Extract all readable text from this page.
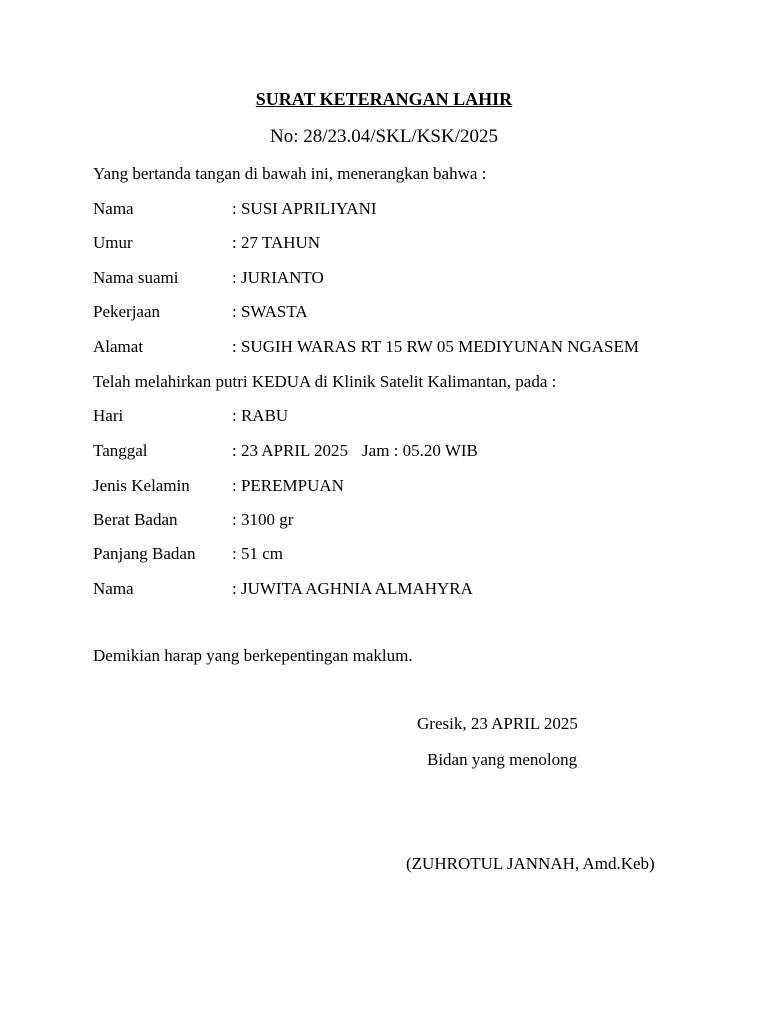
SURAT KETERANGAN LAHIR
No: 28/23.04/SKL/KSK/2025
Yang bertanda tangan di bawah ini, menerangkan bahwa :
Nama	: SUSI APRILIYANI
Umur	: 27 TAHUN
Nama suami	: JURIANTO
Pekerjaan	: SWASTA
Alamat	: SUGIH WARAS RT 15 RW 05 MEDIYUNAN NGASEM
Telah melahirkan putri KEDUA di Klinik Satelit Kalimantan, pada :
Hari	: RABU
Tanggal	: 23 APRIL 2025 Jam : 05.20 WIB
Jenis Kelamin : PEREMPUAN
Berat Badan	: 3100 gr
Panjang Badan : 51 cm
Nama	: JUWITA AGHNIA ALMAHYRA
Demikian harap yang berkepentingan maklum.
Gresik, 23 APRIL 2025
Bidan yang menolong
(ZUHROTUL JANNAH, Amd.Keb)
